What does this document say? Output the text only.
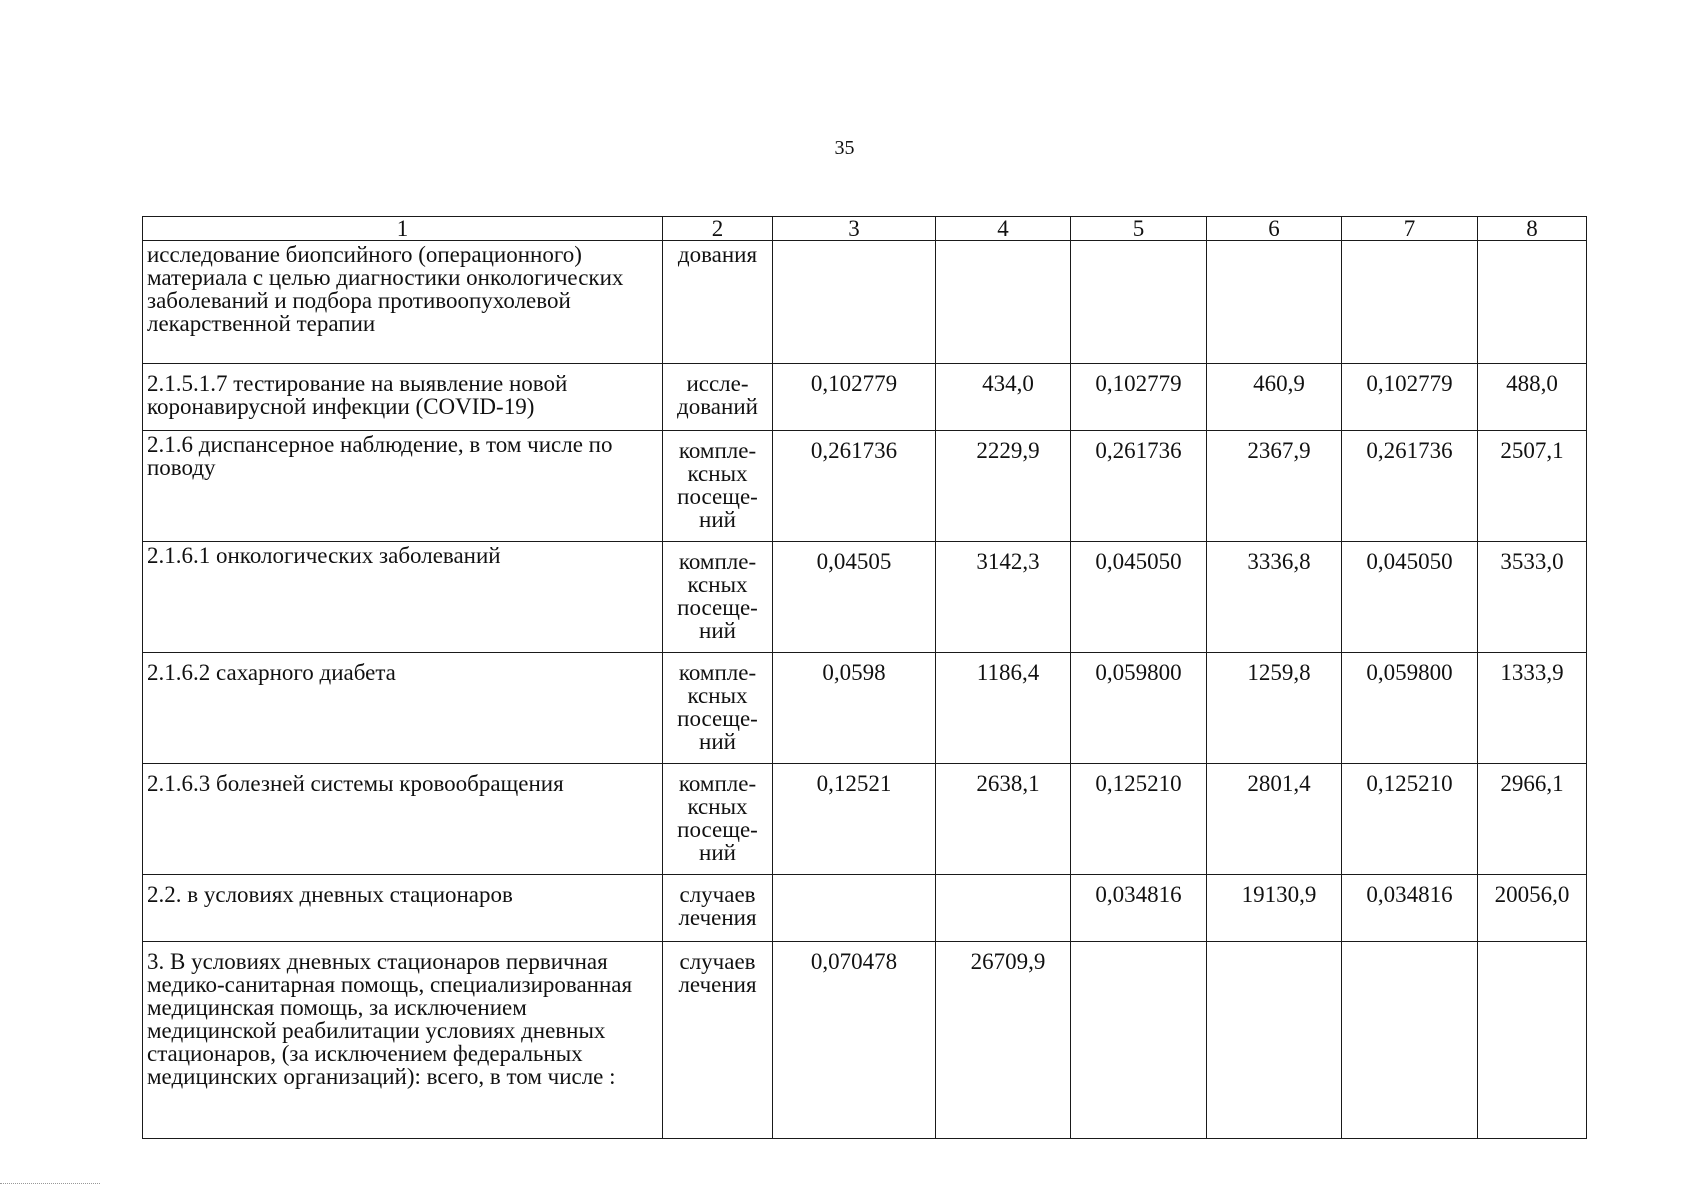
35
1	2	3	4	5	6	7	8
исследование биопсийного (операционного) материала с целью диагностики онкологических заболеваний и подбора противоопухолевой лекарственной терапии	дования						
2.1.5.1.7 тестирование на выявление новой коронавирусной инфекции (COVID-19)	иссле-дований	0,102779	434,0	0,102779	460,9	0,102779	488,0
2.1.6 диспансерное наблюдение, в том числе по поводу	компле-ксных посеще-ний	0,261736	2229,9	0,261736	2367,9	0,261736	2507,1
2.1.6.1 онкологических заболеваний	компле-ксных посеще-ний	0,04505	3142,3	0,045050	3336,8	0,045050	3533,0
2.1.6.2 сахарного диабета	компле-ксных посеще-ний	0,0598	1186,4	0,059800	1259,8	0,059800	1333,9
2.1.6.3 болезней системы кровообращения	компле-ксных посеще-ний	0,12521	2638,1	0,125210	2801,4	0,125210	2966,1
2.2. в условиях дневных стационаров	случаев лечения			0,034816	19130,9	0,034816	20056,0
3. В условиях дневных стационаров первичная медико-санитарная помощь, специализированная медицинская помощь, за исключением медицинской реабилитации условиях дневных стационаров, (за исключением федеральных медицинских организаций): всего, в том числе :	случаев лечения	0,070478	26709,9				
